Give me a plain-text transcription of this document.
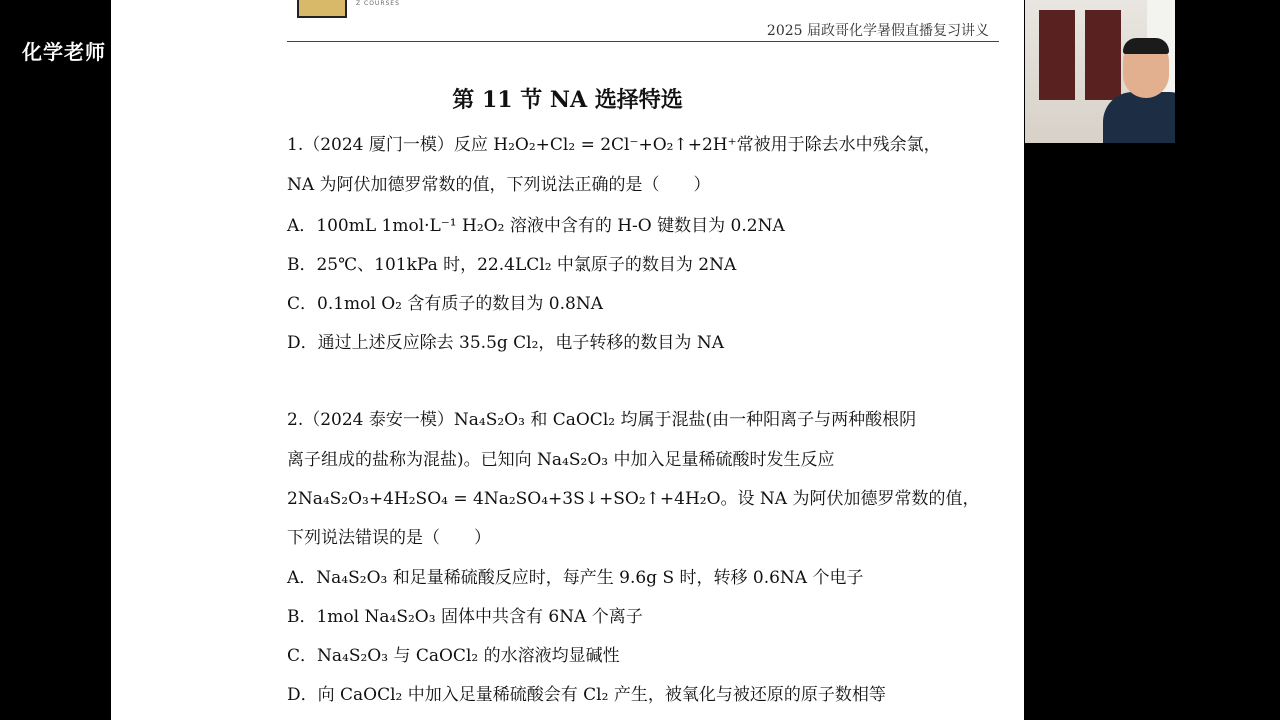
化学老师	bilibili
Z COURSES
2025 届政哥化学暑假直播复习讲义
第 11 节 NA 选择特选
1.（2024 厦门一模）反应 H₂O₂+Cl₂ = 2Cl⁻+O₂↑+2H⁺常被用于除去水中残余氯，
NA 为阿伏加德罗常数的值，下列说法正确的是（　　）
A．100mL 1mol·L⁻¹ H₂O₂ 溶液中含有的 H-O 键数目为 0.2NA
B．25℃、101kPa 时，22.4LCl₂ 中氯原子的数目为 2NA
C．0.1mol O₂ 含有质子的数目为 0.8NA
D．通过上述反应除去 35.5g Cl₂，电子转移的数目为 NA
2.（2024 泰安一模）Na₄S₂O₃ 和 CaOCl₂ 均属于混盐(由一种阳离子与两种酸根阴
离子组成的盐称为混盐)。已知向 Na₄S₂O₃ 中加入足量稀硫酸时发生反应
2Na₄S₂O₃+4H₂SO₄ = 4Na₂SO₄+3S↓+SO₂↑+4H₂O。设 NA 为阿伏加德罗常数的值，
下列说法错误的是（　　）
A．Na₄S₂O₃ 和足量稀硫酸反应时，每产生 9.6g S 时，转移 0.6NA 个电子
B．1mol Na₄S₂O₃ 固体中共含有 6NA 个离子
C．Na₄S₂O₃ 与 CaOCl₂ 的水溶液均显碱性
D．向 CaOCl₂ 中加入足量稀硫酸会有 Cl₂ 产生，被氧化与被还原的原子数相等
